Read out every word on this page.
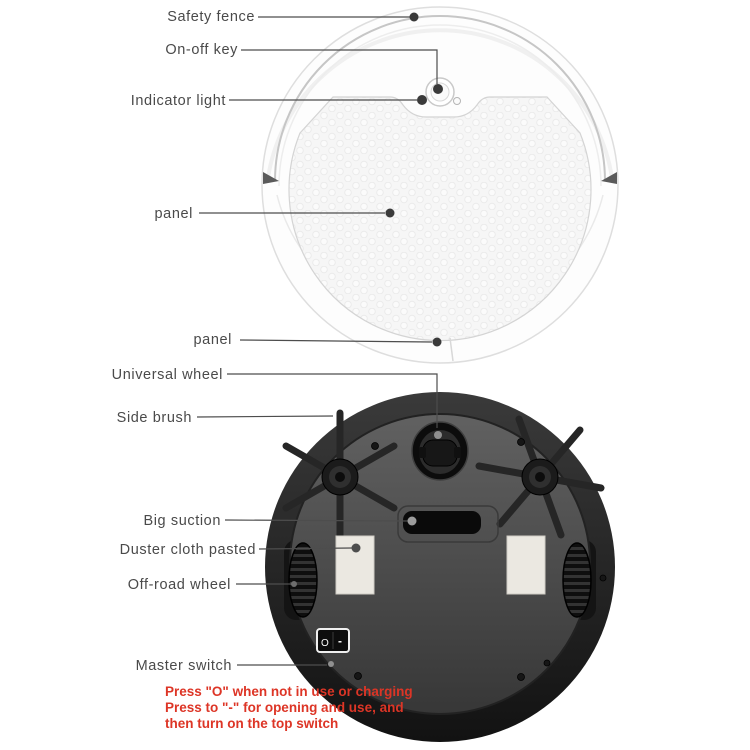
O -
Safety fence
On-off key
Indicator light
panel
panel
Universal wheel
Side brush
Big suction
Duster cloth pasted
Off-road wheel
Master switch
Press "O" when not in use or charging
Press to "-" for opening and use, and
then turn on the top switch
